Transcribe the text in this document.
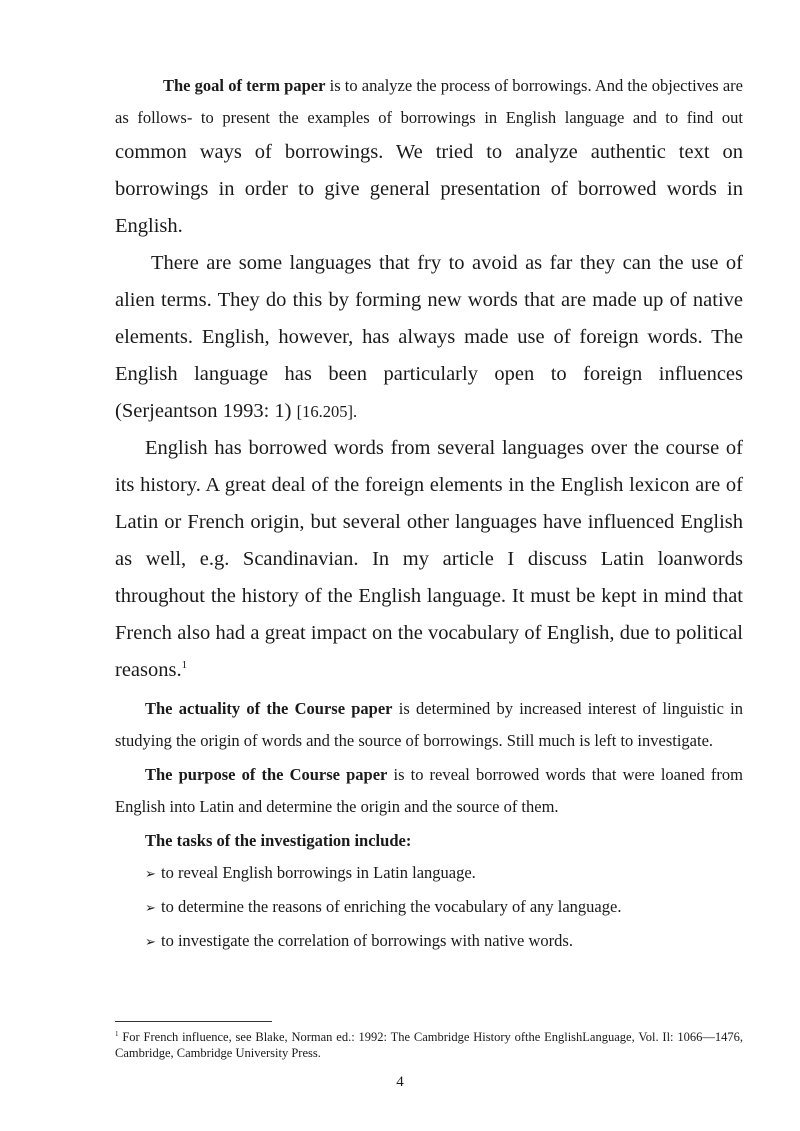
The goal of term paper is to analyze the process of borrowings. And the objectives are as follows- to present the examples of borrowings in English language and to find out common ways of borrowings. We tried to analyze authentic text on borrowings in order to give general presentation of borrowed words in English.

There are some languages that fry to avoid as far they can the use of alien terms. They do this by forming new words that are made up of native elements. English, however, has always made use of foreign words. The English language has been particularly open to foreign influences (Serjeantson 1993: 1) [16.205].

English has borrowed words from several languages over the course of its history. A great deal of the foreign elements in the English lexicon are of Latin or French origin, but several other languages have influenced English as well, e.g. Scandinavian. In my article I discuss Latin loanwords throughout the history of the English language. It must be kept in mind that French also had a great impact on the vocabulary of English, due to political reasons.$^1$

The actuality of the Course paper is determined by increased interest of linguistic in studying the origin of words and the source of borrowings. Still much is left to investigate.

The purpose of the Course paper is to reveal borrowed words that were loaned from English into Latin and determine the origin and the source of them.

The tasks of the investigation include:
➢ to reveal English borrowings in Latin language.
➢ to determine the reasons of enriching the vocabulary of any language.
➢ to investigate the correlation of borrowings with native words.
$^1$ For French influence, see Blake, Norman ed.: 1992: The Cambridge History ofthe EnglishLanguage, Vol. Il: 1066—1476, Cambridge, Cambridge University Press.
4
